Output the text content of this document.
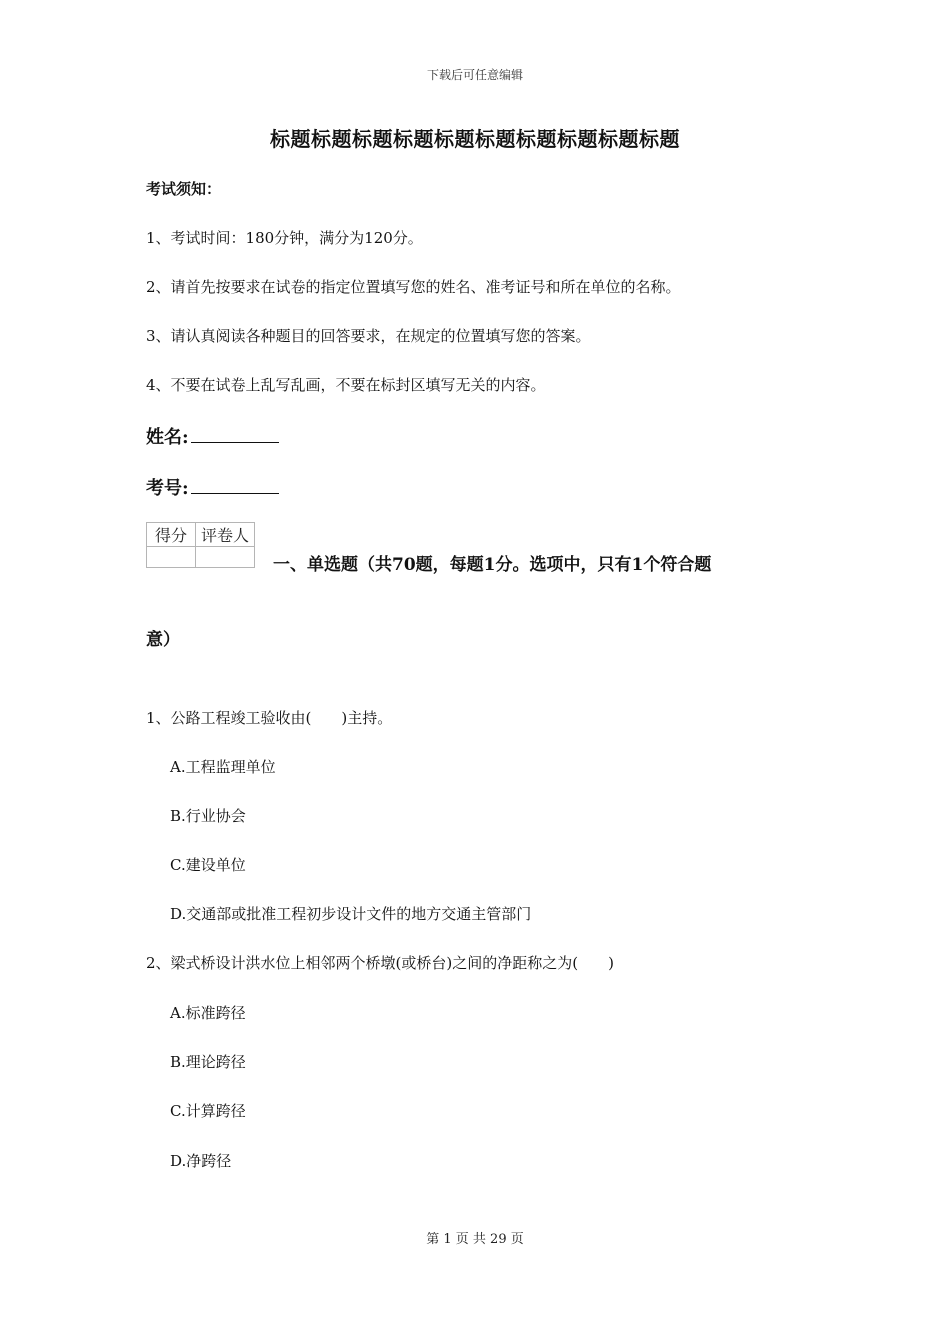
下载后可任意编辑
标题标题标题标题标题标题标题标题标题标题
考试须知：
1、考试时间：180分钟，满分为120分。
2、请首先按要求在试卷的指定位置填写您的姓名、准考证号和所在单位的名称。
3、请认真阅读各种题目的回答要求，在规定的位置填写您的答案。
4、不要在试卷上乱写乱画，不要在标封区填写无关的内容。
姓名:
考号:
得分	评卷人

一、单选题（共70题，每题1分。选项中，只有1个符合题
意）
1、公路工程竣工验收由(　　)主持。
A.工程监理单位
B.行业协会
C.建设单位
D.交通部或批准工程初步设计文件的地方交通主管部门
2、梁式桥设计洪水位上相邻两个桥墩(或桥台)之间的净距称之为(　　)
A.标准跨径
B.理论跨径
C.计算跨径
D.净跨径
第 1 页 共 29 页
